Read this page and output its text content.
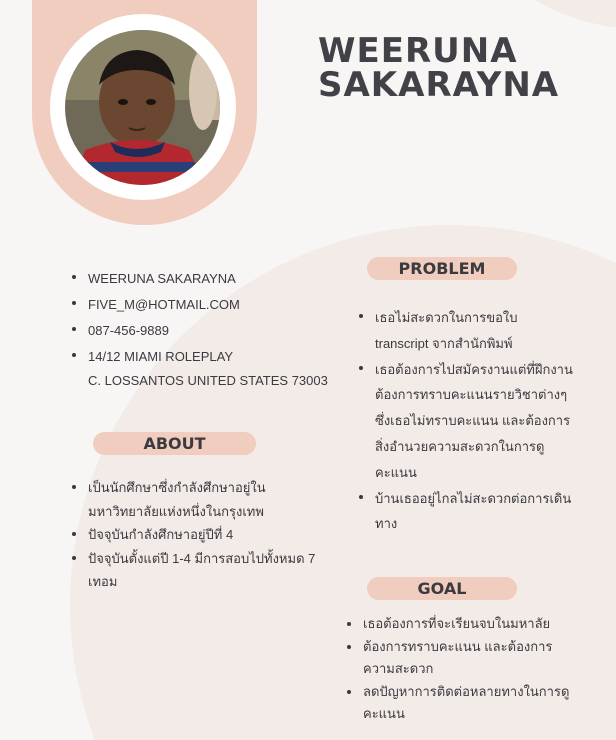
WEERUNA
SAKARAYNA
WEERUNA SAKARAYNA
FIVE_M@HOTMAIL.COM
087-456-9889
14/12 MIAMI ROLEPLAY
C. LOSSANTOS UNITED STATES 73003
ABOUT
เป็นนักศึกษาซึ่งกำลังศึกษาอยู่ในมหาวิทยาลัยแห่งหนึ่งในกรุงเทพ
ปัจจุบันกำลังศึกษาอยู่ปีที่ 4
ปัจจุบันตั้งแต่ปี 1-4 มีการสอบไปทั้งหมด 7 เทอม
PROBLEM
เธอไม่สะดวกในการขอใบ transcript จากสำนักพิมพ์
เธอต้องการไปสมัครงานแต่ที่ฝึกงานต้องการทราบคะแนนรายวิชาต่างๆ ซึ่งเธอไม่ทราบคะแนน และต้องการสิ่งอำนวยความสะดวกในการดูคะแนน
บ้านเธออยู่ไกลไม่สะดวกต่อการเดินทาง
GOAL
เธอต้องการที่จะเรียนจบในมหาลัย
ต้องการทราบคะแนน และต้องการความสะดวก
ลดปัญหาการติดต่อหลายทางในการดูคะแนน
